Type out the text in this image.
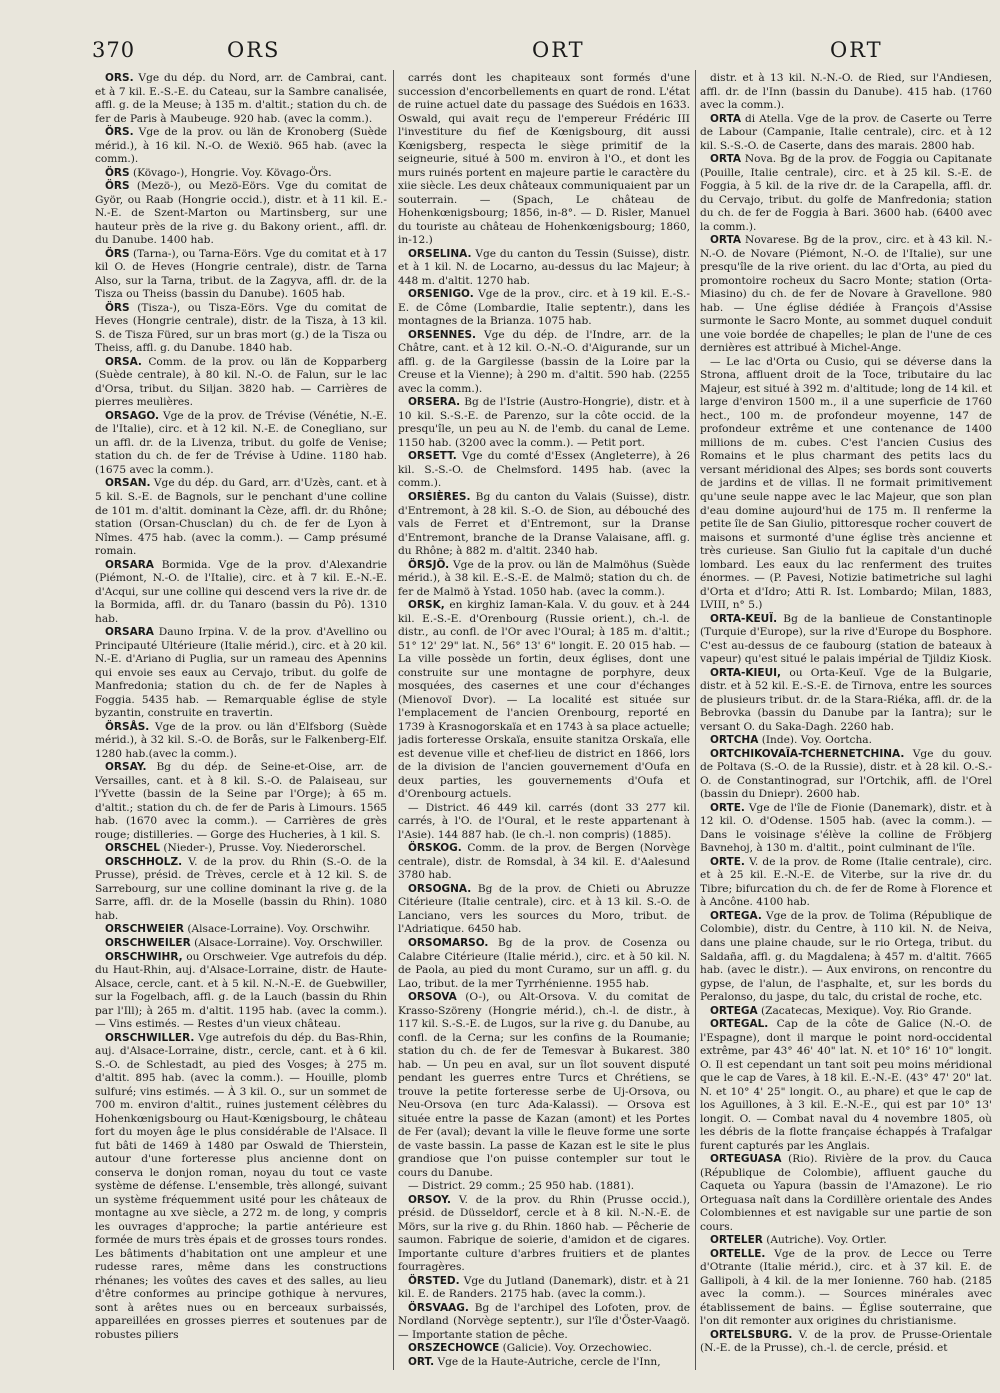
370	ORS	ORT	ORT

ORS. Vge du dép. du Nord, arr. de Cambrai, cant. et à 7 kil. E.-S.-E. du Cateau, sur la Sambre canalisée, affl. g. de la Meuse; à 135 m. d'altit.; station du ch. de fer de Paris à Maubeuge. 920 hab. (avec la comm.).

ÖRS. Vge de la prov. ou län de Kronoberg (Suède mérid.), à 16 kil. N.-O. de Wexiö. 965 hab. (avec la comm.).

ÖRS (Kövago-), Hongrie. Voy. Kövago-Örs.

ÖRS (Mezö-), ou Mezö-Eörs. Vge du comitat de Györ, ou Raab (Hongrie occid.), distr. et à 11 kil. E.-N.-E. de Szent-Marton ou Martinsberg, sur une hauteur près de la rive g. du Bakony orient., affl. dr. du Danube. 1400 hab.

ÖRS (Tarna-), ou Tarna-Eörs. Vge du comitat et à 17 kil O. de Heves (Hongrie centrale), distr. de Tarna Also, sur la Tarna, tribut. de la Zagyva, affl. dr. de la Tisza ou Theiss (bassin du Danube). 1605 hab.

ÖRS (Tisza-), ou Tisza-Eörs. Vge du comitat de Heves (Hongrie centrale), distr. de la Tisza, à 13 kil. S. de Tisza Füred, sur un bras mort (g.) de la Tisza ou Theiss, affl. g. du Danube. 1840 hab.

ORSA. Comm. de la prov. ou län de Kopparberg (Suède centrale), à 80 kil. N.-O. de Falun, sur le lac d'Orsa, tribut. du Siljan. 3820 hab. — Carrières de pierres meulières.

ORSAGO. Vge de la prov. de Trévise (Vénétie, N.-E. de l'Italie), circ. et à 12 kil. N.-E. de Conegliano, sur un affl. dr. de la Livenza, tribut. du golfe de Venise; station du ch. de fer de Trévise à Udine. 1180 hab. (1675 avec la comm.).

ORSAN. Vge du dép. du Gard, arr. d'Uzès, cant. et à 5 kil. S.-E. de Bagnols, sur le penchant d'une colline de 101 m. d'altit. dominant la Cèze, affl. dr. du Rhône; station (Orsan-Chusclan) du ch. de fer de Lyon à Nîmes. 475 hab. (avec la comm.). — Camp présumé romain.

ORSARA Bormida. Vge de la prov. d'Alexandrie (Piémont, N.-O. de l'Italie), circ. et à 7 kil. E.-N.-E. d'Acqui, sur une colline qui descend vers la rive dr. de la Bormida, affl. dr. du Tanaro (bassin du Pô). 1310 hab.

ORSARA Dauno Irpina. V. de la prov. d'Avellino ou Principauté Ultérieure (Italie mérid.), circ. et à 20 kil. N.-E. d'Ariano di Puglia, sur un rameau des Apennins qui envoie ses eaux au Cervajo, tribut. du golfe de Manfredonia; station du ch. de fer de Naples à Foggia. 5435 hab. — Remarquable église de style byzantin, construite en travertin.

ÖRSÅS. Vge de la prov. ou län d'Elfsborg (Suède mérid.), à 32 kil. S.-O. de Borås, sur le Falkenberg-Elf. 1280 hab.(avec la comm.).

ORSAY. Bg du dép. de Seine-et-Oise, arr. de Versailles, cant. et à 8 kil. S.-O. de Palaiseau, sur l'Yvette (bassin de la Seine par l'Orge); à 65 m. d'altit.; station du ch. de fer de Paris à Limours. 1565 hab. (1670 avec la comm.). — Carrières de grès rouge; distilleries. — Gorge des Hucheries, à 1 kil. S.

ORSCHEL (Nieder-), Prusse. Voy. Niederorschel.

ORSCHHOLZ. V. de la prov. du Rhin (S.-O. de la Prusse), présid. de Trèves, cercle et à 12 kil. S. de Sarrebourg, sur une colline dominant la rive g. de la Sarre, affl. dr. de la Moselle (bassin du Rhin). 1080 hab.

ORSCHWEIER (Alsace-Lorraine). Voy. Orschwihr.

ORSCHWEILER (Alsace-Lorraine). Voy. Orschwiller.

ORSCHWIHR, ou Orschweier. Vge autrefois du dép. du Haut-Rhin, auj. d'Alsace-Lorraine, distr. de Haute-Alsace, cercle, cant. et à 5 kil. N.-N.-E. de Guebwiller, sur la Fogelbach, affl. g. de la Lauch (bassin du Rhin par l'Ill); à 265 m. d'altit. 1195 hab. (avec la comm.). — Vins estimés. — Restes d'un vieux château.

ORSCHWILLER. Vge autrefois du dép. du Bas-Rhin, auj. d'Alsace-Lorraine, distr., cercle, cant. et à 6 kil. S.-O. de Schlestadt, au pied des Vosges; à 275 m. d'altit. 895 hab. (avec la comm.). — Houille, plomb sulfuré; vins estimés. — À 3 kil. O., sur un sommet de 700 m. environ d'altit., ruines justement célèbres du Hohenkœnigsbourg ou Haut-Kœnigsbourg, le château fort du moyen âge le plus considérable de l'Alsace. Il fut bâti de 1469 à 1480 par Oswald de Thierstein, autour d'une forteresse plus ancienne dont on conserva le donjon roman, noyau du tout ce vaste système de défense. L'ensemble, très allongé, suivant un système fréquemment usité pour les châteaux de montagne au xve siècle, a 272 m. de long, y compris les ouvrages d'approche; la partie antérieure est formée de murs très épais et de grosses tours rondes. Les bâtiments d'habitation ont une ampleur et une rudesse rares, même dans les constructions rhénanes; les voûtes des caves et des salles, au lieu d'être conformes au principe gothique à nervures, sont à arêtes nues ou en berceaux surbaissés, appareillées en grosses pierres et soutenues par de robustes piliers

carrés dont les chapiteaux sont formés d'une succession d'encorbellements en quart de rond. L'état de ruine actuel date du passage des Suédois en 1633. Oswald, qui avait reçu de l'empereur Frédéric III l'investiture du fief de Kœnigsbourg, dit aussi Kœnigsberg, respecta le siège primitif de la seigneurie, situé à 500 m. environ à l'O., et dont les murs ruinés portent en majeure partie le caractère du xiie siècle. Les deux châteaux communiquaient par un souterrain. — (Spach, Le château de Hohenkœnigsbourg; 1856, in-8°. — D. Risler, Manuel du touriste au château de Hohenkœnigsbourg; 1860, in-12.)

ORSELINA. Vge du canton du Tessin (Suisse), distr. et à 1 kil. N. de Locarno, au-dessus du lac Majeur; à 448 m. d'altit. 1270 hab.

ORSENIGO. Vge de la prov., circ. et à 19 kil. E.-S.-E. de Côme (Lombardie, Italie septentr.), dans les montagnes de la Brianza. 1075 hab.

ORSENNES. Vge du dép. de l'Indre, arr. de la Châtre, cant. et à 12 kil. O.-N.-O. d'Aigurande, sur un affl. g. de la Gargilesse (bassin de la Loire par la Creuse et la Vienne); à 290 m. d'altit. 590 hab. (2255 avec la comm.).

ORSERA. Bg de l'Istrie (Austro-Hongrie), distr. et à 10 kil. S.-S.-E. de Parenzo, sur la côte occid. de la presqu'île, un peu au N. de l'emb. du canal de Leme. 1150 hab. (3200 avec la comm.). — Petit port.

ORSETT. Vge du comté d'Essex (Angleterre), à 26 kil. S.-S.-O. de Chelmsford. 1495 hab. (avec la comm.).

ORSIÈRES. Bg du canton du Valais (Suisse), distr. d'Entremont, à 28 kil. S.-O. de Sion, au débouché des vals de Ferret et d'Entremont, sur la Dranse d'Entremont, branche de la Dranse Valaisane, affl. g. du Rhône; à 882 m. d'altit. 2340 hab.

ÖRSJÖ. Vge de la prov. ou län de Malmöhus (Suède mérid.), à 38 kil. E.-S.-E. de Malmö; station du ch. de fer de Malmö à Ystad. 1050 hab. (avec la comm.).

ORSK, en kirghiz Iaman-Kala. V. du gouv. et à 244 kil. E.-S.-E. d'Orenbourg (Russie orient.), ch.-l. de distr., au confl. de l'Or avec l'Oural; à 185 m. d'altit.; 51° 12' 29" lat. N., 56° 13' 6" longit. E. 20 015 hab. — La ville possède un fortin, deux églises, dont une construite sur une montagne de porphyre, deux mosquées, des casernes et une cour d'échanges (Mienovoï Dvor). — La localité est située sur l'emplacement de l'ancien Orenbourg, reporté en 1739 à Krasnogorskaïa et en 1743 à sa place actuelle; jadis forteresse Orskaïa, ensuite stanitza Orskaïa, elle est devenue ville et chef-lieu de district en 1866, lors de la division de l'ancien gouvernement d'Oufa en deux parties, les gouvernements d'Oufa et d'Orenbourg actuels.

— District. 46 449 kil. carrés (dont 33 277 kil. carrés, à l'O. de l'Oural, et le reste appartenant à l'Asie). 144 887 hab. (le ch.-l. non compris) (1885).

ÖRSKOG. Comm. de la prov. de Bergen (Norvège centrale), distr. de Romsdal, à 34 kil. E. d'Aalesund 3780 hab.

ORSOGNA. Bg de la prov. de Chieti ou Abruzze Citérieure (Italie centrale), circ. et à 13 kil. S.-O. de Lanciano, vers les sources du Moro, tribut. de l'Adriatique. 6450 hab.

ORSOMARSO. Bg de la prov. de Cosenza ou Calabre Citérieure (Italie mérid.), circ. et à 50 kil. N. de Paola, au pied du mont Curamo, sur un affl. g. du Lao, tribut. de la mer Tyrrhénienne. 1955 hab.

ORSOVA (O-), ou Alt-Orsova. V. du comitat de Krasso-Szöreny (Hongrie mérid.), ch.-l. de distr., à 117 kil. S.-S.-E. de Lugos, sur la rive g. du Danube, au confl. de la Cerna; sur les confins de la Roumanie; station du ch. de fer de Temesvar à Bukarest. 380 hab. — Un peu en aval, sur un îlot souvent disputé pendant les guerres entre Turcs et Chrétiens, se trouve la petite forteresse serbe de Uj-Orsova, ou Neu-Orsova (en turc Ada-Kalassi). — Orsova est située entre la passe de Kazan (amont) et les Portes de Fer (aval); devant la ville le fleuve forme une sorte de vaste bassin. La passe de Kazan est le site le plus grandiose que l'on puisse contempler sur tout le cours du Danube.

— District. 29 comm.; 25 950 hab. (1881).

ORSOY. V. de la prov. du Rhin (Prusse occid.), présid. de Düsseldorf, cercle et à 8 kil. N.-N.-E. de Mörs, sur la rive g. du Rhin. 1860 hab. — Pêcherie de saumon. Fabrique de soierie, d'amidon et de cigares. Importante culture d'arbres fruitiers et de plantes fourragères.

ÖRSTED. Vge du Jutland (Danemark), distr. et à 21 kil. E. de Randers. 2175 hab. (avec la comm.).

ÖRSVAAG. Bg de l'archipel des Lofoten, prov. de Nordland (Norvège septentr.), sur l'île d'Öster-Vaagö. — Importante station de pêche.

ORSZECHOWCE (Galicie). Voy. Orzechowiec.

ORT. Vge de la Haute-Autriche, cercle de l'Inn,

distr. et à 13 kil. N.-N.-O. de Ried, sur l'Andiesen, affl. dr. de l'Inn (bassin du Danube). 415 hab. (1760 avec la comm.).

ORTA di Atella. Vge de la prov. de Caserte ou Terre de Labour (Campanie, Italie centrale), circ. et à 12 kil. S.-S.-O. de Caserte, dans des marais. 2800 hab.

ORTA Nova. Bg de la prov. de Foggia ou Capitanate (Pouille, Italie centrale), circ. et à 25 kil. S.-E. de Foggia, à 5 kil. de la rive dr. de la Carapella, affl. dr. du Cervajo, tribut. du golfe de Manfredonia; station du ch. de fer de Foggia à Bari. 3600 hab. (6400 avec la comm.).

ORTA Novarese. Bg de la prov., circ. et à 43 kil. N.-N.-O. de Novare (Piémont, N.-O. de l'Italie), sur une presqu'île de la rive orient. du lac d'Orta, au pied du promontoire rocheux du Sacro Monte; station (Orta-Miasino) du ch. de fer de Novare à Gravellone. 980 hab. — Une église dédiée à François d'Assise surmonte le Sacro Monte, au sommet duquel conduit une voie bordée de chapelles; le plan de l'une de ces dernières est attribué à Michel-Ange.

— Le lac d'Orta ou Cusio, qui se déverse dans la Strona, affluent droit de la Toce, tributaire du lac Majeur, est situé à 392 m. d'altitude; long de 14 kil. et large d'environ 1500 m., il a une superficie de 1760 hect., 100 m. de profondeur moyenne, 147 de profondeur extrême et une contenance de 1400 millions de m. cubes. C'est l'ancien Cusius des Romains et le plus charmant des petits lacs du versant méridional des Alpes; ses bords sont couverts de jardins et de villas. Il ne formait primitivement qu'une seule nappe avec le lac Majeur, que son plan d'eau domine aujourd'hui de 175 m. Il renferme la petite île de San Giulio, pittoresque rocher couvert de maisons et surmonté d'une église très ancienne et très curieuse. San Giulio fut la capitale d'un duché lombard. Les eaux du lac renferment des truites énormes. — (P. Pavesi, Notizie batimetriche sul laghi d'Orta et d'Idro; Atti R. Ist. Lombardo; Milan, 1883, LVIII, n° 5.)

ORTA-KEUÏ. Bg de la banlieue de Constantinople (Turquie d'Europe), sur la rive d'Europe du Bosphore. C'est au-dessus de ce faubourg (station de bateaux à vapeur) qu'est situé le palais impérial de Tjildiz Kiosk.

ORTA-KIEUI, ou Orta-Keuï. Vge de la Bulgarie, distr. et à 52 kil. E.-S.-E. de Tirnova, entre les sources de plusieurs tribut. dr. de la Stara-Riéka, affl. dr. de la Bebrovka (bassin du Danube par la Iantra); sur le versant O. du Saka-Dagh. 2260 hab.

ORTCHA (Inde). Voy. Oortcha.

ORTCHIKOVAÏA-TCHERNETCHINA. Vge du gouv. de Poltava (S.-O. de la Russie), distr. et à 28 kil. O.-S.-O. de Constantinograd, sur l'Ortchik, affl. de l'Orel (bassin du Dniepr). 2600 hab.

ORTE. Vge de l'île de Fionie (Danemark), distr. et à 12 kil. O. d'Odense. 1505 hab. (avec la comm.). — Dans le voisinage s'élève la colline de Fröbjerg Bavnehoj, à 130 m. d'altit., point culminant de l'île.

ORTE. V. de la prov. de Rome (Italie centrale), circ. et à 25 kil. E.-N.-E. de Viterbe, sur la rive dr. du Tibre; bifurcation du ch. de fer de Rome à Florence et à Ancône. 4100 hab.

ORTEGA. Vge de la prov. de Tolima (République de Colombie), distr. du Centre, à 110 kil. N. de Neiva, dans une plaine chaude, sur le rio Ortega, tribut. du Saldaña, affl. g. du Magdalena; à 457 m. d'altit. 7665 hab. (avec le distr.). — Aux environs, on rencontre du gypse, de l'alun, de l'asphalte, et, sur les bords du Peralonso, du jaspe, du talc, du cristal de roche, etc.

ORTEGA (Zacatecas, Mexique). Voy. Rio Grande.

ORTEGAL. Cap de la côte de Galice (N.-O. de l'Espagne), dont il marque le point nord-occidental extrême, par 43° 46' 40" lat. N. et 10° 16' 10" longit. O. Il est cependant un tant soit peu moins méridional que le cap de Vares, à 18 kil. E.-N.-E. (43° 47' 20" lat. N. et 10° 4' 25" longit. O., au phare) et que le cap de los Aguillones, à 3 kil. E.-N.-E., qui est par 10° 13' longit. O. — Combat naval du 4 novembre 1805, où les débris de la flotte française échappés à Trafalgar furent capturés par les Anglais.

ORTEGUASA (Rio). Rivière de la prov. du Cauca (République de Colombie), affluent gauche du Caqueta ou Yapura (bassin de l'Amazone). Le rio Orteguasa naît dans la Cordillère orientale des Andes Colombiennes et est navigable sur une partie de son cours.

ORTELER (Autriche). Voy. Ortler.

ORTELLE. Vge de la prov. de Lecce ou Terre d'Otrante (Italie mérid.), circ. et à 37 kil. E. de Gallipoli, à 4 kil. de la mer Ionienne. 760 hab. (2185 avec la comm.). — Sources minérales avec établissement de bains. — Église souterraine, que l'on dit remonter aux origines du christianisme.

ORTELSBURG. V. de la prov. de Prusse-Orientale (N.-E. de la Prusse), ch.-l. de cercle, présid. et
